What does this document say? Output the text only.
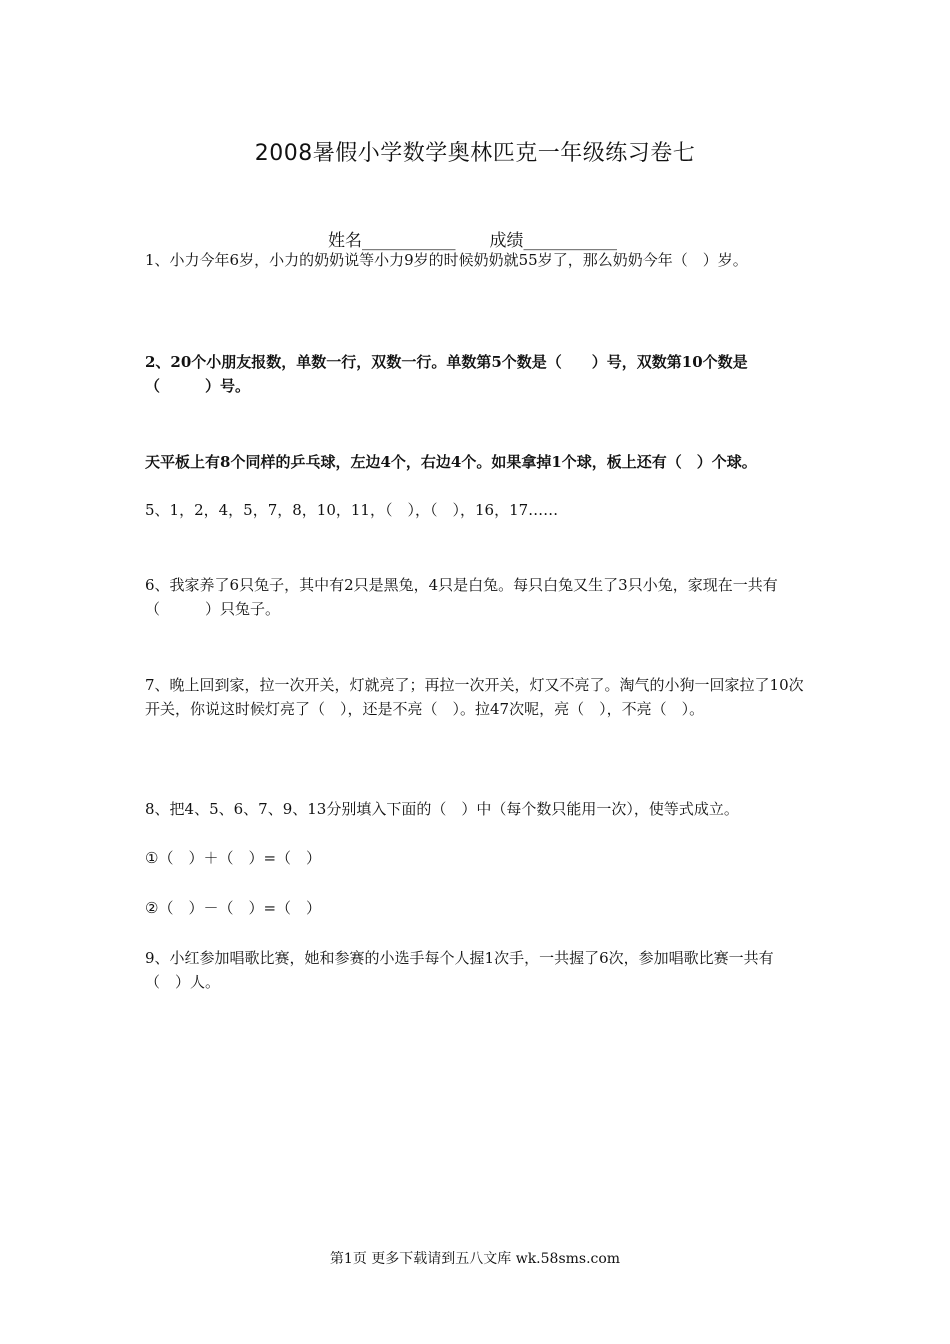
2008暑假小学数学奥林匹克一年级练习卷七
姓名___________ 成绩___________
1、小力今年6岁，小力的奶奶说等小力9岁的时候奶奶就55岁了，那么奶奶今年（　）岁。
2、20个小朋友报数，单数一行，双数一行。单数第5个数是（　　）号，双数第10个数是（　　　）号。
天平板上有8个同样的乒乓球，左边4个，右边4个。如果拿掉1个球，板上还有（　）个球。
5、1，2，4，5，7，8，10，11，（　），（　），16，17……
6、我家养了6只兔子，其中有2只是黑兔，4只是白兔。每只白兔又生了3只小兔，家现在一共有（　　　）只兔子。
7、晚上回到家，拉一次开关，灯就亮了；再拉一次开关，灯又不亮了。淘气的小狗一回家拉了10次开关，你说这时候灯亮了（　），还是不亮（　）。拉47次呢，亮（　），不亮（　）。
8、把4、5、6、7、9、13分别填入下面的（　）中（每个数只能用一次），使等式成立。
①（　）＋（　）=（　）
②（　）－（　）=（　）
9、小红参加唱歌比赛，她和参赛的小选手每个人握1次手，一共握了6次，参加唱歌比赛一共有（　）人。
第1页 更多下载请到五八文库 wk.58sms.com
